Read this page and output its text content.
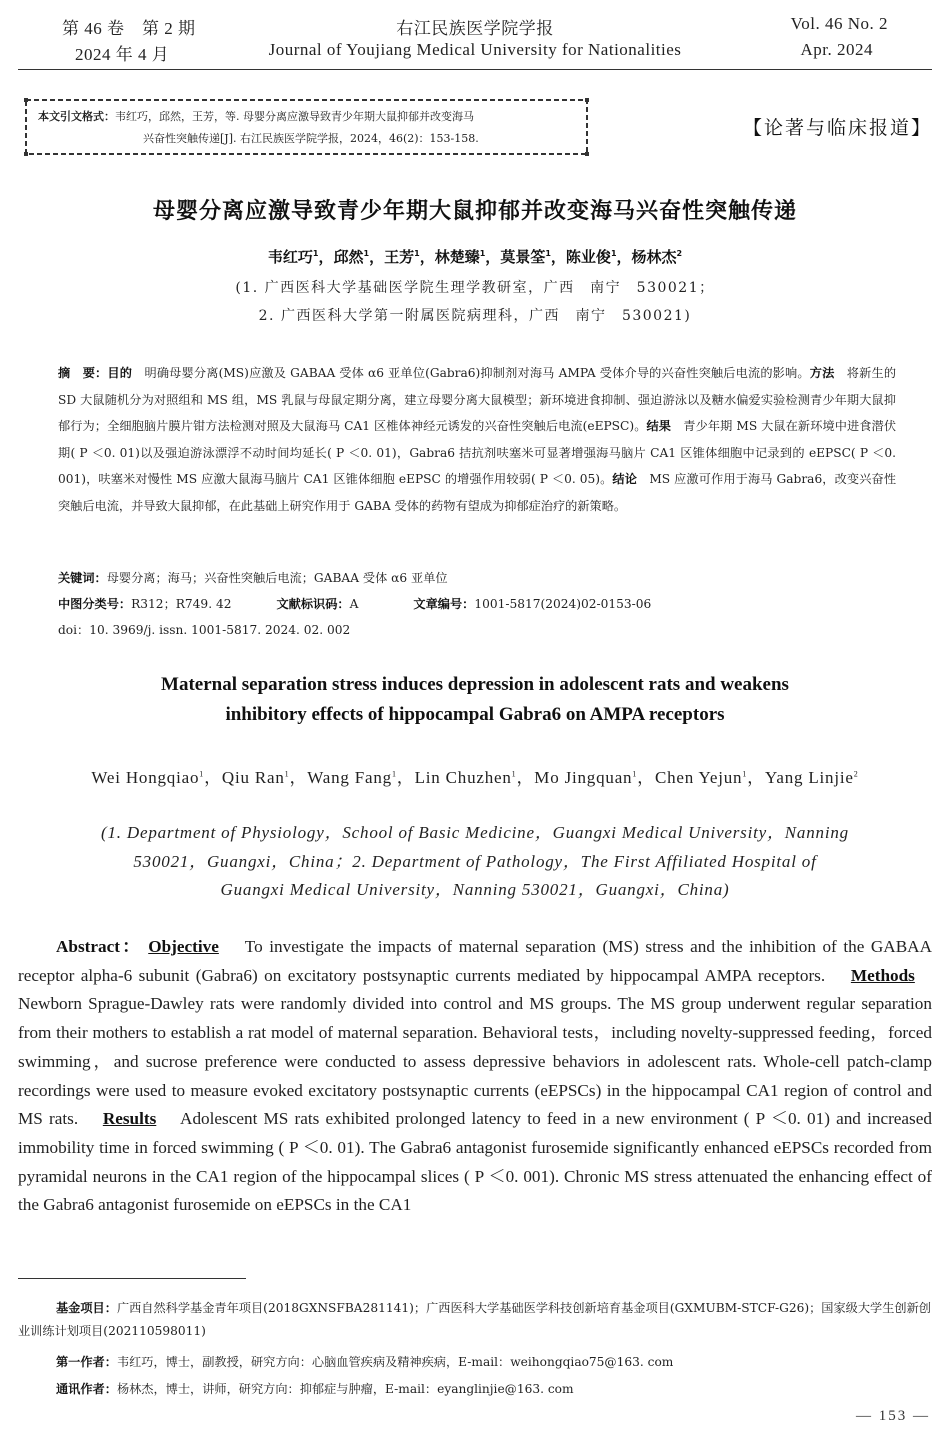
第 46 卷　第 2 期
2024 年 4 月
右江民族医学院学报
Journal of Youjiang Medical University for Nationalities
Vol. 46 No. 2
Apr. 2024
本文引文格式：韦红巧，邱然，王芳，等. 母婴分离应激导致青少年期大鼠抑郁并改变海马
兴奋性突触传递[J]. 右江民族医学院学报，2024，46(2)：153-158.	【论著与临床报道】
母婴分离应激导致青少年期大鼠抑郁并改变海马兴奋性突触传递
韦红巧$^1$，邱然$^1$，王芳$^1$，林楚臻$^1$，莫景筌$^1$，陈业俊$^1$，杨林杰$^2$
(1. 广西医科大学基础医学院生理学教研室，广西　南宁　530021；
2. 广西医科大学第一附属医院病理科，广西　南宁　530021)
摘　要：目的　 明确母婴分离(MS)应激及 GABAA 受体 α6 亚单位(Gabra6)抑制剂对海马 AMPA 受体介导的兴奋性突触后电流的影响。方法　 将新生的 SD 大鼠随机分为对照组和 MS 组，MS 乳鼠与母鼠定期分离，建立母婴分离大鼠模型；新环境进食抑制、强迫游泳以及糖水偏爱实验检测青少年期大鼠抑郁行为；全细胞脑片膜片钳方法检测对照及大鼠海马 CA1 区椎体神经元诱发的兴奋性突触后电流(eEPSC)。结果　 青少年期 MS 大鼠在新环境中进食潜伏期( P ＜0. 01)以及强迫游泳漂浮不动时间均延长( P ＜0. 01)，Gabra6 拮抗剂呋塞米可显著增强海马脑片 CA1 区锥体细胞中记录到的 eEPSC( P ＜0. 001)，呋塞米对慢性 MS 应激大鼠海马脑片 CA1 区锥体细胞 eEPSC 的增强作用较弱( P ＜0. 05)。结论　 MS 应激可作用于海马 Gabra6，改变兴奋性突触后电流，并导致大鼠抑郁，在此基础上研究作用于 GABA 受体的药物有望成为抑郁症治疗的新策略。
关键词：母婴分离；海马；兴奋性突触后电流；GABAA 受体 α6 亚单位
中图分类号：R312；R749. 42	文献标识码：A	文章编号：1001-5817(2024)02-0153-06
doi：10. 3969/j. issn. 1001-5817. 2024. 02. 002
Maternal separation stress induces depression in adolescent rats and weakens
inhibitory effects of hippocampal Gabra6 on AMPA receptors
Wei Hongqiao$^1$，Qiu Ran$^1$，Wang Fang$^1$，Lin Chuzhen$^1$，Mo Jingquan$^1$，Chen Yejun$^1$，Yang Linjie$^2$
(1. Department of Physiology，School of Basic Medicine，Guangxi Medical University，Nanning
530021，Guangxi，China；2. Department of Pathology，The First Affiliated Hospital of
Guangxi Medical University，Nanning 530021，Guangxi，China)
Abstract： Objective To investigate the impacts of maternal separation (MS) stress and the inhibition of the GABAA receptor alpha-6 subunit (Gabra6) on excitatory postsynaptic currents mediated by hippocampal AMPA receptors. Methods    Newborn Sprague-Dawley rats were randomly divided into control and MS groups. The MS group underwent regular separation from their mothers to establish a rat model of maternal separation. Behavioral tests，including novelty-suppressed feeding，forced swimming，and sucrose preference were conducted to assess depressive behaviors in adolescent rats. Whole-cell patch-clamp recordings were used to measure evoked excitatory postsynaptic currents (eEPSCs) in the hippocampal CA1 region of control and MS rats. Results Adolescent MS rats exhibited prolonged latency to feed in a new environment ( P ＜0. 01) and increased immobility time in forced swimming ( P ＜0. 01). The Gabra6 antagonist furosemide significantly enhanced eEPSCs recorded from pyramidal neurons in the CA1 region of the hippocampal slices ( P ＜0. 001). Chronic MS stress attenuated the enhancing effect of the Gabra6 antagonist furosemide on eEPSCs in the CA1
基金项目：广西自然科学基金青年项目(2018GXNSFBA281141)；广西医科大学基础医学科技创新培育基金项目(GXMUBM-STCF-G26)；国家级大学生创新创业训练计划项目(202110598011)
第一作者：韦红巧，博士，副教授，研究方向：心脑血管疾病及精神疾病，E-mail：weihongqiao75@163. com
通讯作者：杨林杰，博士，讲师，研究方向：抑郁症与肿瘤，E-mail：eyanglinjie@163. com
— 153 —
